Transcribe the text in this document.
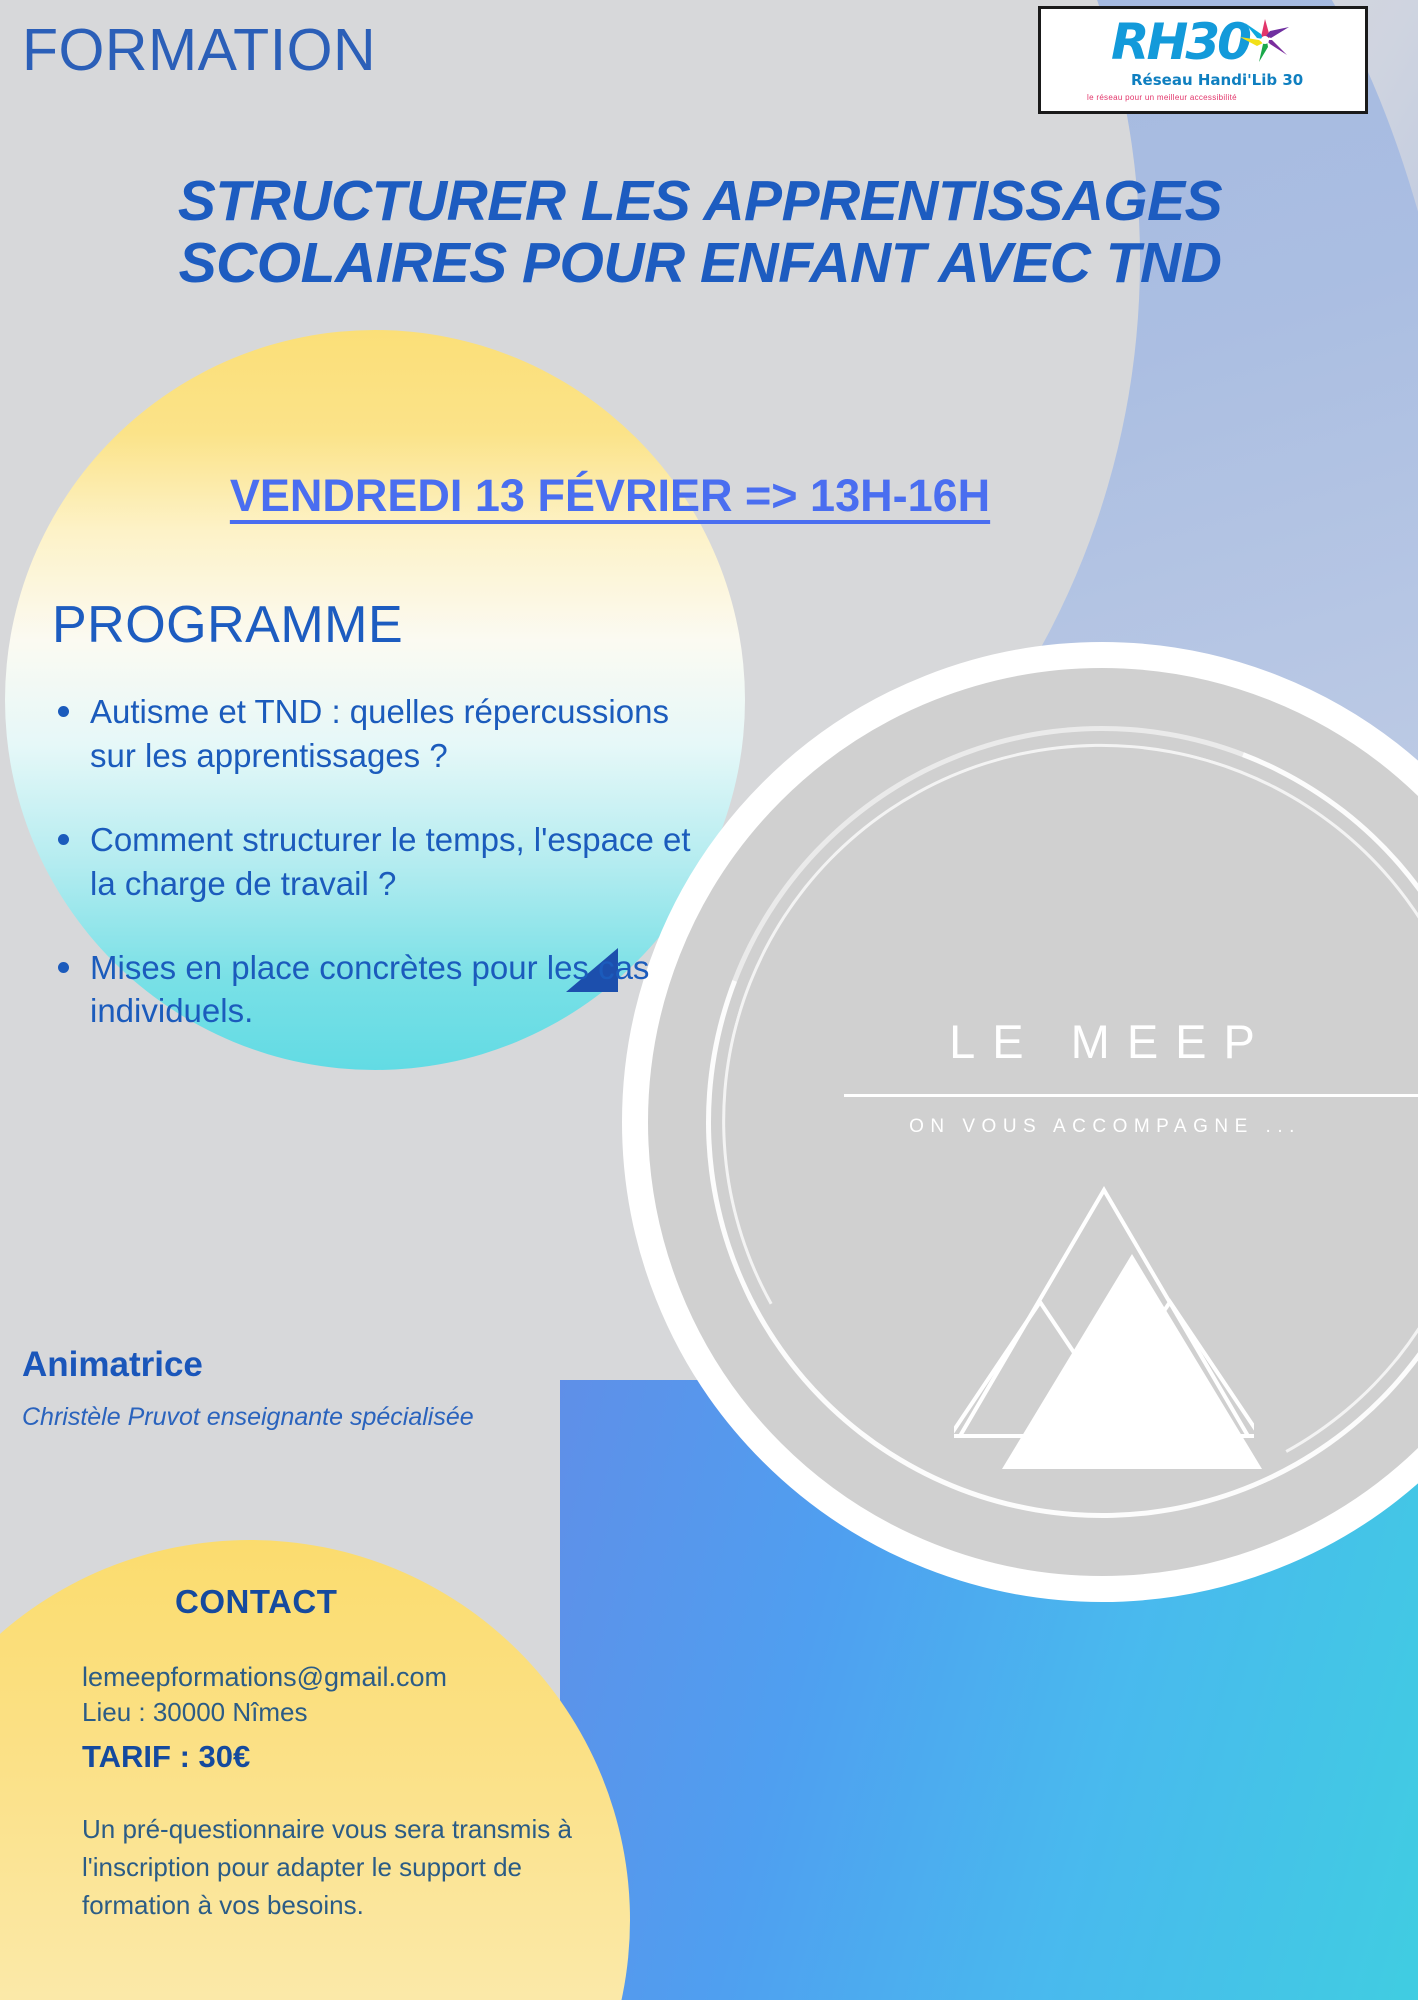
LE MEEP
ON VOUS ACCOMPAGNE ...
RH30
Réseau Handi'Lib 30
le réseau pour un meilleur accessibilité
FORMATION
STRUCTURER LES APPRENTISSAGES SCOLAIRES POUR ENFANT AVEC TND
VENDREDI 13 FÉVRIER => 13H-16H
PROGRAMME
Autisme et TND : quelles répercussions sur les apprentissages ?
Comment structurer le temps, l'espace et la charge de travail ?
Mises en place concrètes pour les cas individuels.
Animatrice
Christèle Pruvot enseignante spécialisée
CONTACT
lemeepformations@gmail.com
Lieu : 30000 Nîmes
TARIF : 30€
Un pré-questionnaire vous sera transmis à l'inscription pour adapter le support de formation à vos besoins.
